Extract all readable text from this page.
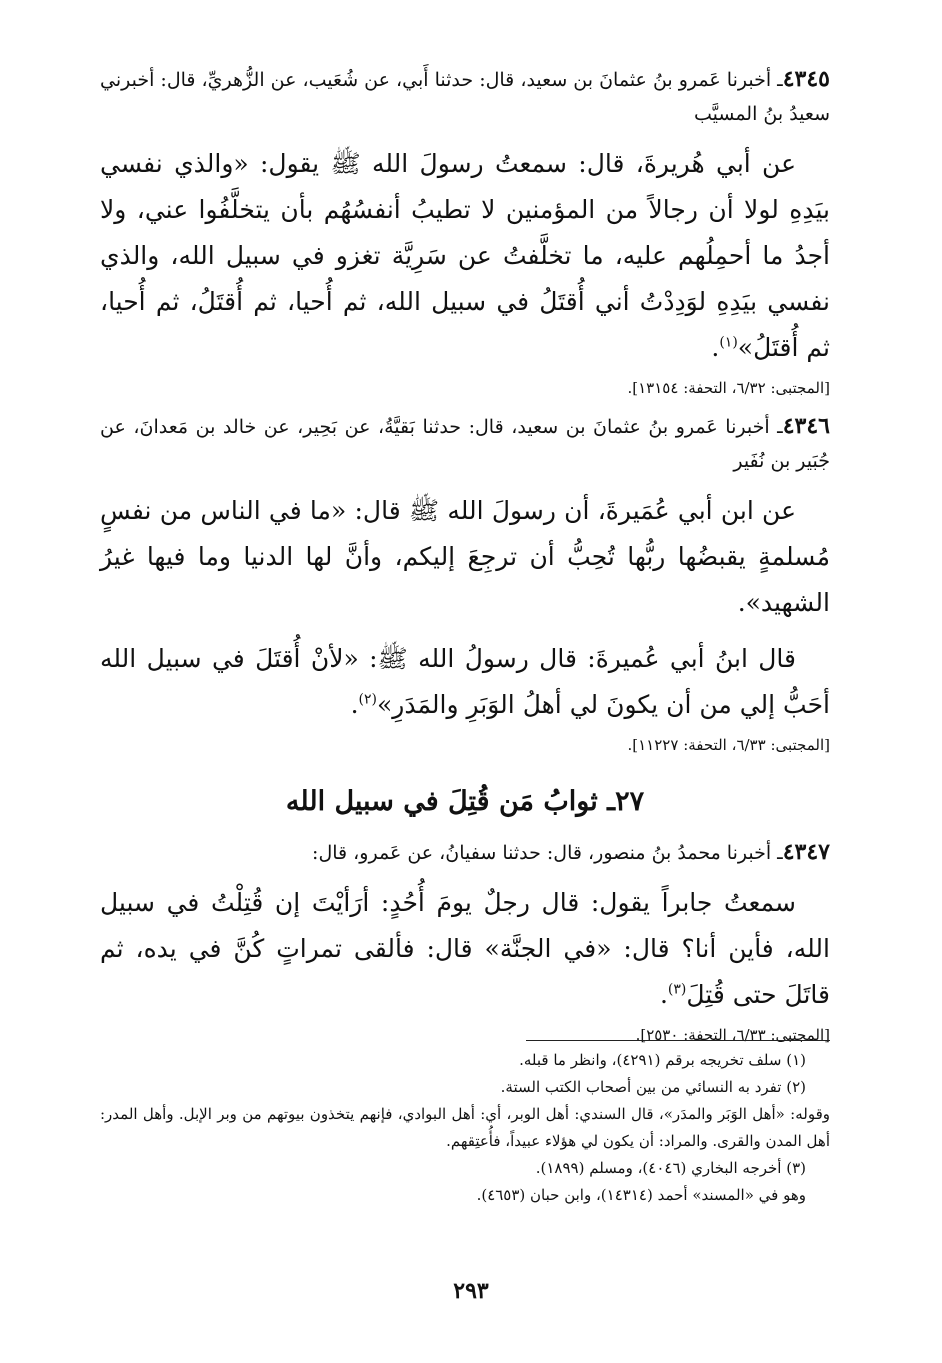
٤٣٤٥ـ أخبرنا عَمرو بنُ عثمانَ بن سعيد، قال: حدثنا أَبي، عن شُعَيب، عن الزُّهريِّ، قال: أخبرني سعيدُ بنُ المسيَّب

عن أبي هُريرةَ، قال: سمعتُ رسولَ الله ﷺ يقول: «والذي نفسي بيَدِهِ لولا أن رجالاً من المؤمنين لا تطيبُ أنفسُهُم بأن يتخلَّفُوا عني، ولا أجدُ ما أحمِلُهم عليه، ما تخلَّفتُ عن سَرِيَّة تغزو في سبيل الله، والذي نفسي بيَدِهِ لوَدِدْتُ أني أُقتَلُ في سبيل الله، ثم أُحيا، ثم أُقتَلُ، ثم أُحيا، ثم أُقتَلُ»$^{(١)}$.

[المجتبى: ٦/٣٢، التحفة: ١٣١٥٤].

٤٣٤٦ـ أخبرنا عَمرو بنُ عثمانَ بن سعيد، قال: حدثنا بَقيَّةُ، عن بَحِير، عن خالد بن مَعدانَ، عن جُبَير بن نُفَير

عن ابن أبي عُمَيرةَ، أن رسولَ الله ﷺ قال: «ما في الناس من نفسٍ مُسلمةٍ يقبضُها ربُّها تُحِبُّ أن ترجِعَ إليكم، وأنَّ لها الدنيا وما فيها غيرُ الشهيد».

قال ابنُ أبي عُميرةَ: قال رسولُ الله ﷺ: «لأنْ أُقتَلَ في سبيل الله أحَبُّ إلي من أن يكونَ لي أهلُ الوَبَرِ والمَدَرِ»$^{(٢)}$.

[المجتبى: ٦/٣٣، التحفة: ١١٢٢٧].

٢٧ـ ثوابُ مَن قُتِلَ في سبيل الله

٤٣٤٧ـ أخبرنا محمدُ بنُ منصور، قال: حدثنا سفيانُ، عن عَمرو، قال:

سمعتُ جابراً يقول: قال رجلٌ يومَ أُحُدٍ: أرَأيْتَ إن قُتِلْتُ في سبيل الله، فأين أنا؟ قال: «في الجنَّة» قال: فألقى تمراتٍ كُنَّ في يده، ثم قاتَلَ حتى قُتِلَ$^{(٣)}$.

[المجتبى: ٦/٣٣، التحفة: ٢٥٣٠].

(١) سلف تخريجه برقم (٤٢٩١)، وانظر ما قبله.

(٢) تفرد به النسائي من بين أصحاب الكتب الستة.

وقوله: «أهل الوَبَر والمدَر»، قال السندي: أهل الوبر، أي: أهل البوادي، فإنهم يتخذون بيوتهم من وبر الإبل. وأهل المدر: أهل المدن والقرى. والمراد: أن يكون لي هؤلاء عبيداً، فأُعتِقهم.

(٣) أخرجه البخاري (٤٠٤٦)، ومسلم (١٨٩٩).

وهو في «المسند» أحمد (١٤٣١٤)، وابن حبان (٤٦٥٣).

٢٩٣
